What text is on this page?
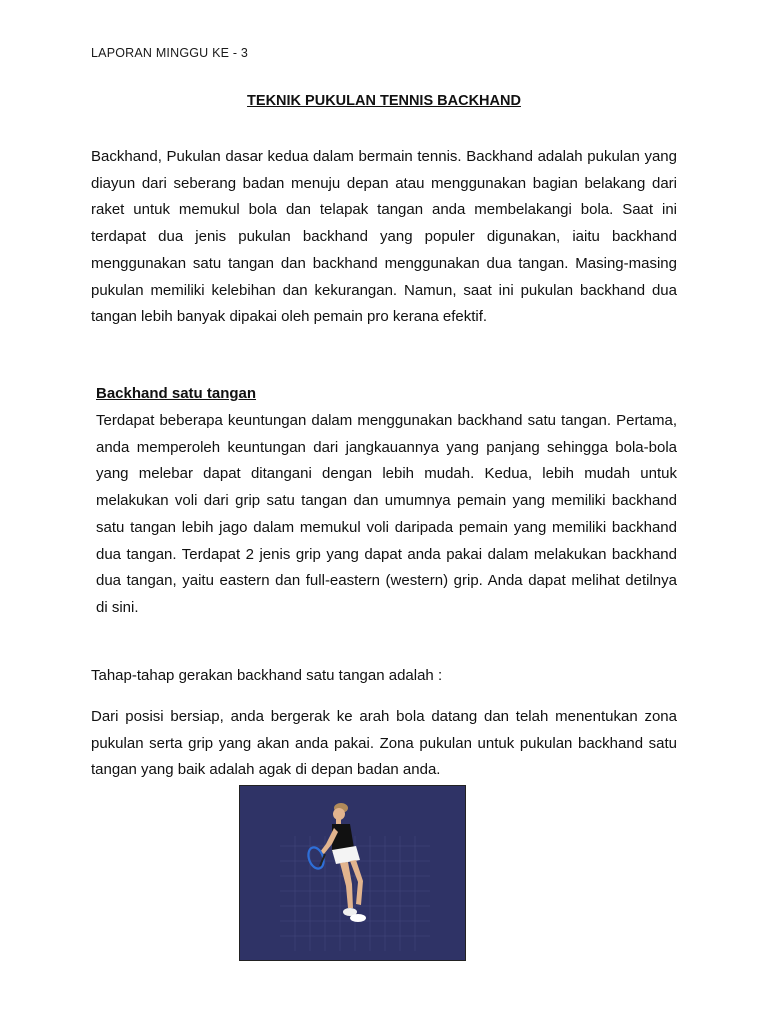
LAPORAN MINGGU KE - 3
TEKNIK PUKULAN TENNIS BACKHAND

Backhand, Pukulan dasar kedua dalam bermain tennis. Backhand adalah pukulan yang diayun dari seberang badan menuju depan atau menggunakan bagian belakang dari raket untuk memukul bola dan telapak tangan anda membelakangi bola. Saat ini terdapat dua jenis pukulan backhand yang populer digunakan, iaitu backhand menggunakan satu tangan dan backhand menggunakan dua tangan. Masing-masing pukulan memiliki kelebihan dan kekurangan. Namun, saat ini pukulan backhand dua tangan lebih banyak dipakai oleh pemain pro kerana efektif.

Backhand satu tangan

Terdapat beberapa keuntungan dalam menggunakan backhand satu tangan. Pertama, anda memperoleh keuntungan dari jangkauannya yang panjang sehingga bola-bola yang melebar dapat ditangani dengan lebih mudah. Kedua, lebih mudah untuk melakukan voli dari grip satu tangan dan umumnya pemain yang memiliki backhand satu tangan lebih jago dalam memukul voli daripada pemain yang memiliki backhand dua tangan. Terdapat 2 jenis grip yang dapat anda pakai dalam melakukan backhand dua tangan, yaitu eastern dan full-eastern (western) grip. Anda dapat melihat detilnya di sini.

Tahap-tahap gerakan backhand satu tangan adalah :

Dari posisi bersiap, anda bergerak ke arah bola datang dan telah menentukan zona pukulan serta grip yang akan anda pakai. Zona pukulan untuk pukulan backhand satu tangan yang baik adalah agak di depan badan anda.
